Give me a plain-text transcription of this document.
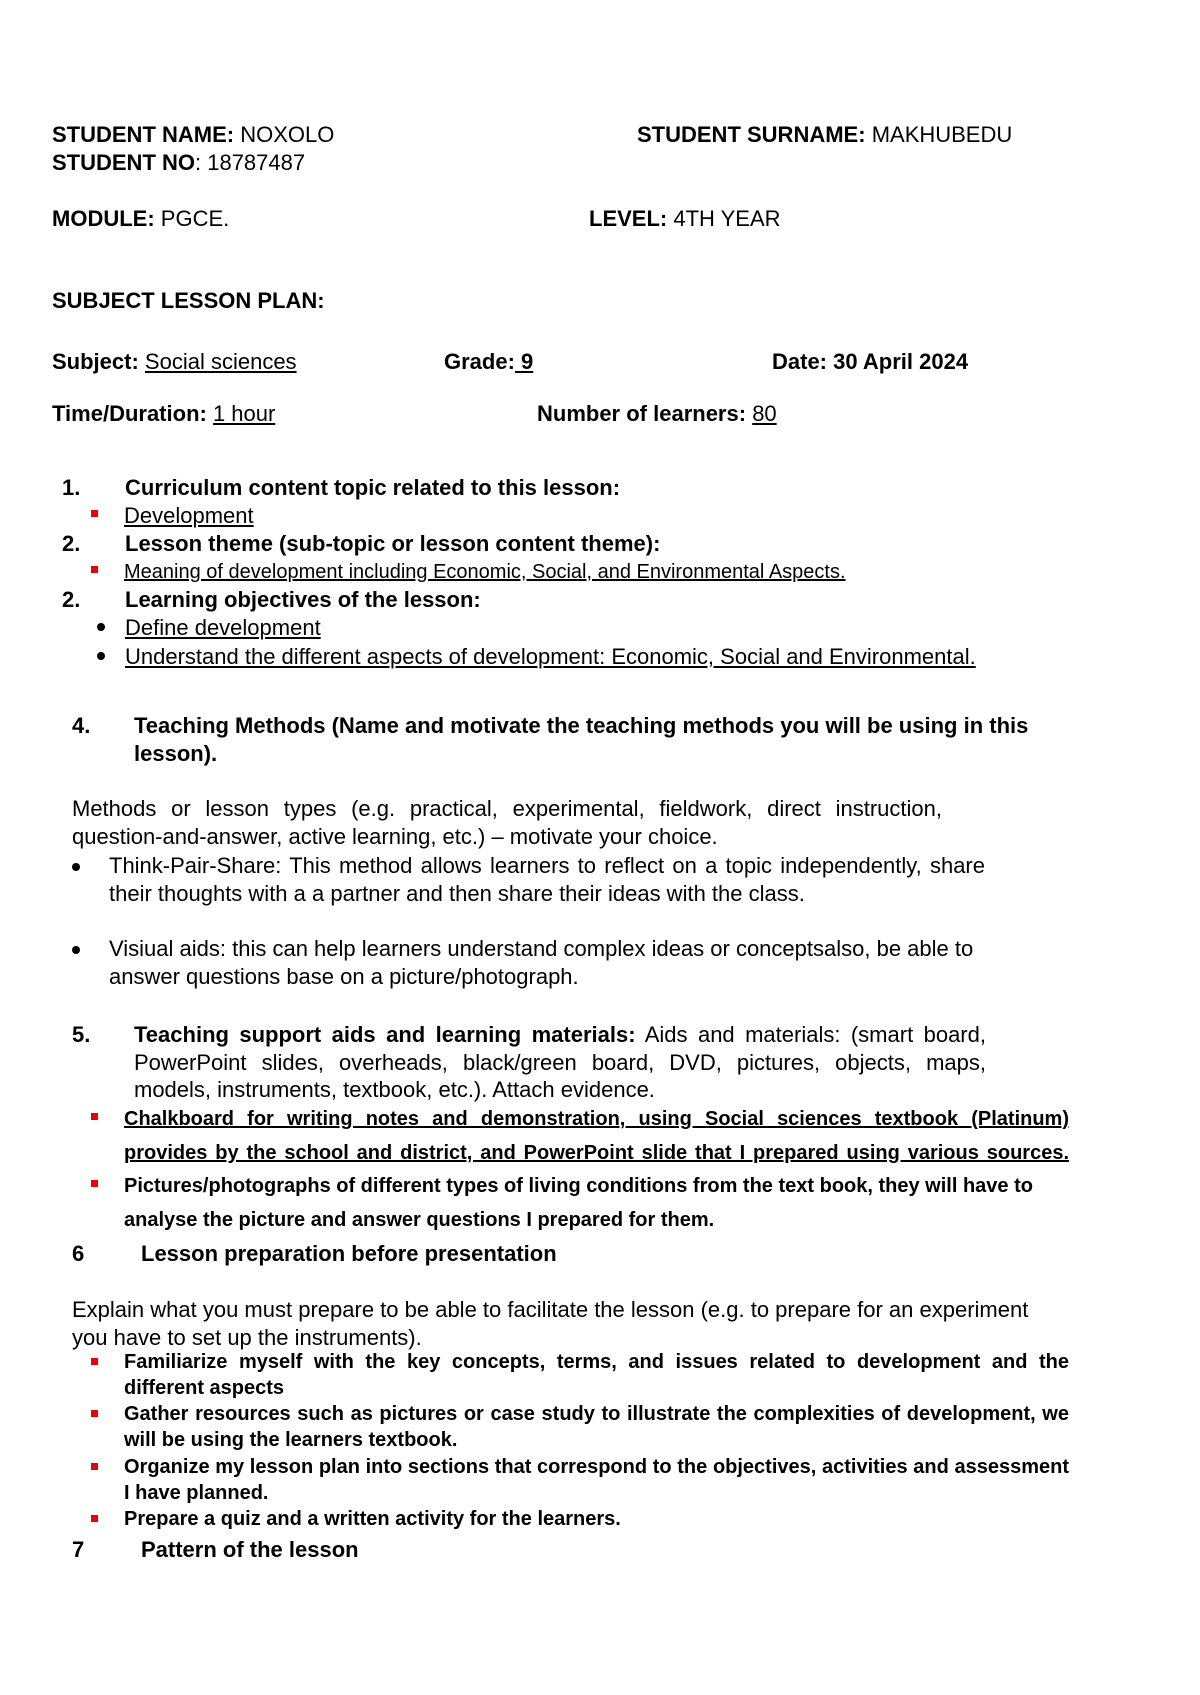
STUDENT NAME: NOXOLO	STUDENT SURNAME: MAKHUBEDU
STUDENT NO: 18787487
MODULE: PGCE.	LEVEL: 4TH YEAR
SUBJECT LESSON PLAN:
Subject: Social sciences	Grade: 9	Date: 30 April 2024
Time/Duration: 1 hour	Number of learners: 80
1. Curriculum content topic related to this lesson:
Development
2. Lesson theme (sub-topic or lesson content theme):
Meaning of development including Economic, Social, and Environmental Aspects.
2. Learning objectives of the lesson:
Define development
Understand the different aspects of development: Economic, Social and Environmental.
4. Teaching Methods (Name and motivate the teaching methods you will be using in this lesson).
Methods or lesson types (e.g. practical, experimental, fieldwork, direct instruction, question-and-answer, active learning, etc.) – motivate your choice.
Think-Pair-Share: This method allows learners to reflect on a topic independently, share their thoughts with a a partner and then share their ideas with the class.
Visiual aids: this can help learners understand complex ideas or conceptsalso, be able to answer questions base on a picture/photograph.
5. Teaching support aids and learning materials: Aids and materials: (smart board, PowerPoint slides, overheads, black/green board, DVD, pictures, objects, maps, models, instruments, textbook, etc.). Attach evidence.
Chalkboard for writing notes and demonstration, using Social sciences textbook (Platinum) provides by the school and district, and PowerPoint slide that I prepared using various sources.
Pictures/photographs of different types of living conditions from the text book, they will have to analyse the picture and answer questions I prepared for them.
6	Lesson preparation before presentation
Explain what you must prepare to be able to facilitate the lesson (e.g. to prepare for an experiment you have to set up the instruments).
Familiarize myself with the key concepts, terms, and issues related to development and the different aspects
Gather resources such as pictures or case study to illustrate the complexities of development, we will be using the learners textbook.
Organize my lesson plan into sections that correspond to the objectives, activities and assessment I have planned.
Prepare a quiz and a written activity for the learners.
7	Pattern of the lesson
